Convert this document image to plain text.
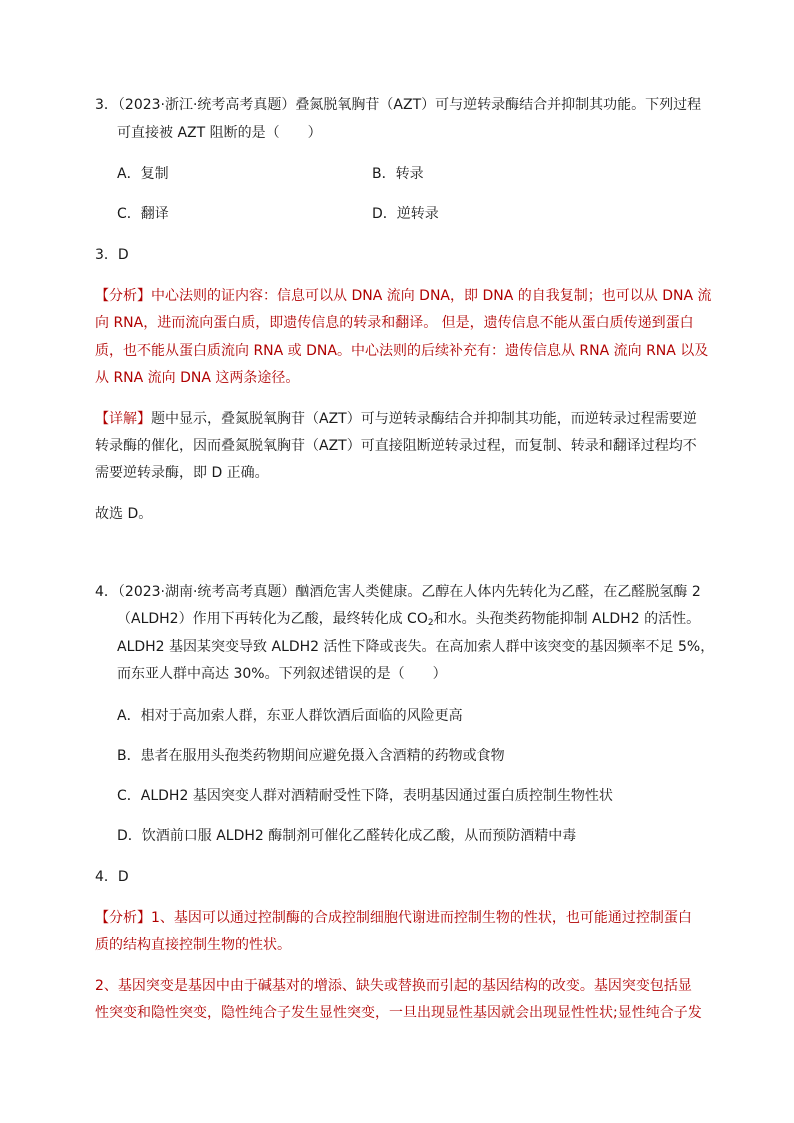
3．（2023·浙江·统考高考真题）叠氮脱氧胸苷（AZT）可与逆转录酶结合并抑制其功能。下列过程
可直接被 AZT 阻断的是（　　）
A．复制	B．转录
C．翻译	D．逆转录
3．D
【分析】中心法则的证内容：信息可以从 DNA 流向 DNA，即 DNA 的自我复制；也可以从 DNA 流
向 RNA，进而流向蛋白质，即遗传信息的转录和翻译。 但是，遗传信息不能从蛋白质传递到蛋白
质，也不能从蛋白质流向 RNA 或 DNA。中心法则的后续补充有：遗传信息从 RNA 流向 RNA 以及
从 RNA 流向 DNA 这两条途径。
【详解】题中显示，叠氮脱氧胸苷（AZT）可与逆转录酶结合并抑制其功能，而逆转录过程需要逆
转录酶的催化，因而叠氮脱氧胸苷（AZT）可直接阻断逆转录过程，而复制、转录和翻译过程均不
需要逆转录酶，即 D 正确。
故选 D。
4．（2023·湖南·统考高考真题）酗酒危害人类健康。乙醇在人体内先转化为乙醛，在乙醛脱氢酶 2
（ALDH2）作用下再转化为乙酸，最终转化成 $CO_2$和水。头孢类药物能抑制 ALDH2 的活性。
ALDH2 基因某突变导致 ALDH2 活性下降或丧失。在高加索人群中该突变的基因频率不足 5%，
而东亚人群中高达 30%。下列叙述错误的是（　　）
A．相对于高加索人群，东亚人群饮酒后面临的风险更高
B．患者在服用头孢类药物期间应避免摄入含酒精的药物或食物
C．ALDH2 基因突变人群对酒精耐受性下降，表明基因通过蛋白质控制生物性状
D．饮酒前口服 ALDH2 酶制剂可催化乙醛转化成乙酸，从而预防酒精中毒
4．D
【分析】1、基因可以通过控制酶的合成控制细胞代谢进而控制生物的性状，也可能通过控制蛋白
质的结构直接控制生物的性状。
2、基因突变是基因中由于碱基对的增添、缺失或替换而引起的基因结构的改变。基因突变包括显
性突变和隐性突变，隐性纯合子发生显性突变，一旦出现显性基因就会出现显性性状;显性纯合子发
